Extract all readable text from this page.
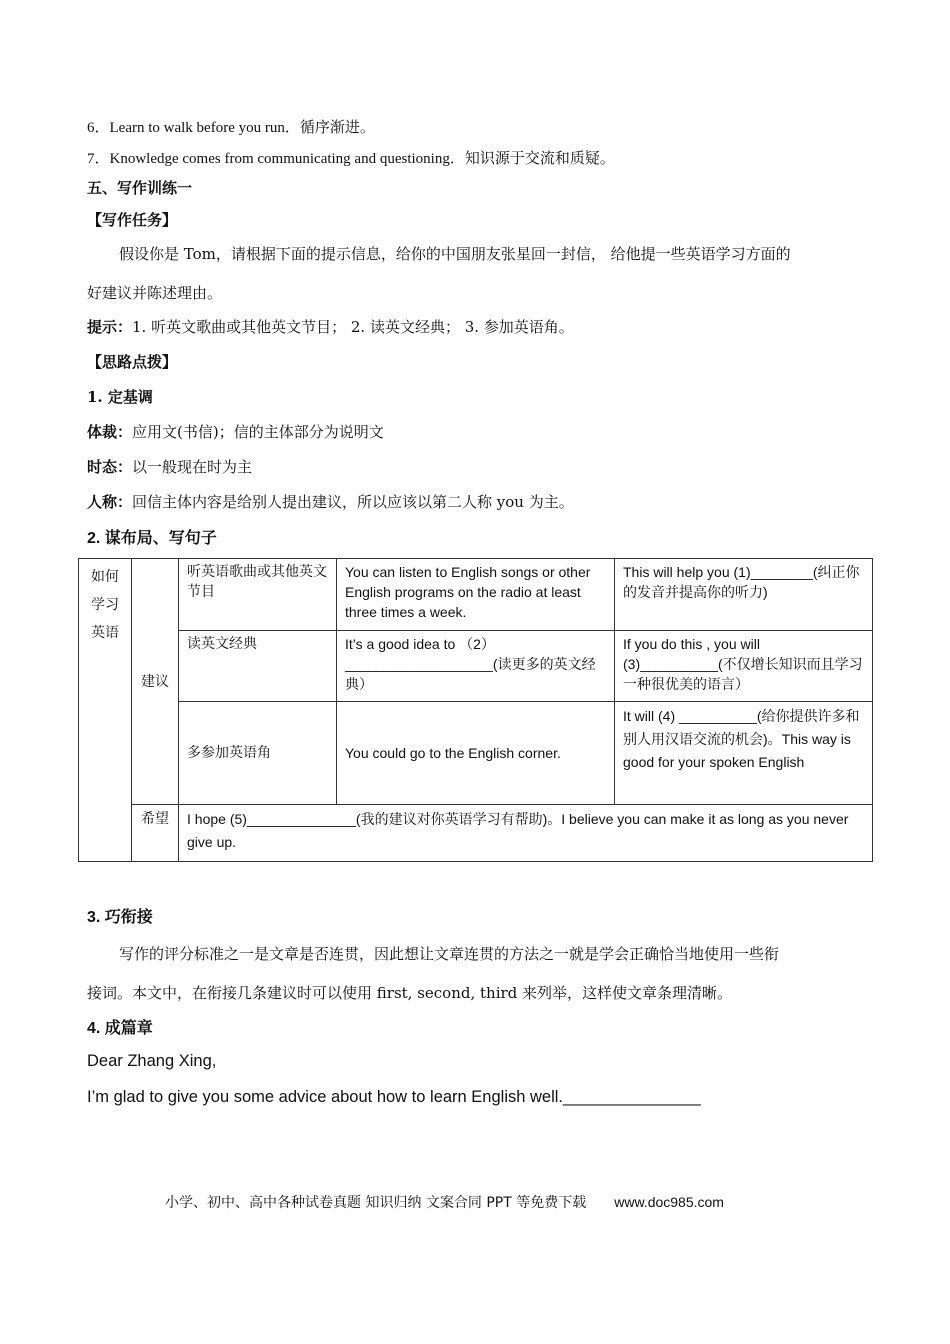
6．Learn to walk before you run．循序渐进。
7．Knowledge comes from communicating and questioning．知识源于交流和质疑。
五、写作训练一
【写作任务】
假设你是 Tom，请根据下面的提示信息，给你的中国朋友张星回一封信， 给他提一些英语学习方面的
好建议并陈述理由。
提示：1. 听英文歌曲或其他英文节目； 2. 读英文经典； 3. 参加英语角。
【思路点拨】
1. 定基调
体裁：应用文(书信)；信的主体部分为说明文
时态：以一般现在时为主
人称：回信主体内容是给别人提出建议，所以应该以第二人称 you 为主。
2. 谋布局、写句子
如何学习英语	建议	听英语歌曲或其他英文节目	You can listen to English songs or other English programs on the radio at least three times a week.	This will help you (1)________(纠正你的发音并提高你的听力)
		读英文经典	It’s a good idea to （2）___________________(读更多的英文经典）	If you do this , you will (3)__________(不仅增长知识而且学习一种很优美的语言）
		多参加英语角	You could go to the English corner.	It will (4) __________(给你提供许多和别人用汉语交流的机会)。This way is good for your spoken English
	希望	I hope (5)______________(我的建议对你英语学习有帮助)。I believe you can make it as long as you never give up.		
3. 巧衔接
写作的评分标准之一是文章是否连贯，因此想让文章连贯的方法之一就是学会正确恰当地使用一些衔
接词。本文中，在衔接几条建议时可以使用 first, second, third 来列举，这样使文章条理清晰。
4. 成篇章
Dear Zhang Xing,
I’m glad to give you some advice about how to learn English well._______________
小学、初中、高中各种试卷真题 知识归纳 文案合同 PPT 等免费下载 www.doc985.com
